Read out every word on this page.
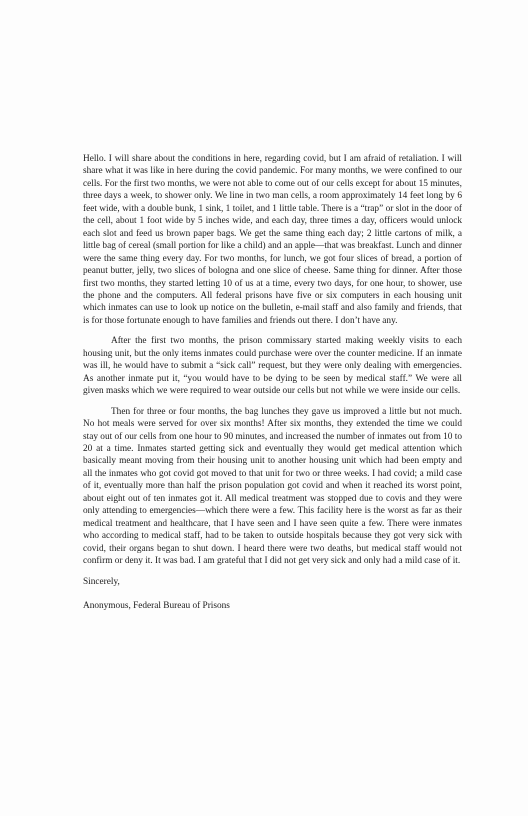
Hello. I will share about the conditions in here, regarding covid, but I am afraid of retaliation. I will share what it was like in here during the covid pandemic. For many months, we were confined to our cells. For the first two months, we were not able to come out of our cells except for about 15 minutes, three days a week, to shower only. We line in two man cells, a room approximately 14 feet long by 6 feet wide, with a double bunk, 1 sink, 1 toilet, and 1 little table. There is a “trap” or slot in the door of the cell, about 1 foot wide by 5 inches wide, and each day, three times a day, officers would unlock each slot and feed us brown paper bags. We get the same thing each day; 2 little cartons of milk, a little bag of cereal (small portion for like a child) and an apple—that was breakfast. Lunch and dinner were the same thing every day. For two months, for lunch, we got four slices of bread, a portion of peanut butter, jelly, two slices of bologna and one slice of cheese. Same thing for dinner. After those first two months, they started letting 10 of us at a time, every two days, for one hour, to shower, use the phone and the computers. All federal prisons have five or six computers in each housing unit which inmates can use to look up notice on the bulletin, e-mail staff and also family and friends, that is for those fortunate enough to have families and friends out there. I don’t have any.

After the first two months, the prison commissary started making weekly visits to each housing unit, but the only items inmates could purchase were over the counter medicine. If an inmate was ill, he would have to submit a “sick call” request, but they were only dealing with emergencies. As another inmate put it, “you would have to be dying to be seen by medical staff.” We were all given masks which we were required to wear outside our cells but not while we were inside our cells.

Then for three or four months, the bag lunches they gave us improved a little but not much. No hot meals were served for over six months! After six months, they extended the time we could stay out of our cells from one hour to 90 minutes, and increased the number of inmates out from 10 to 20 at a time. Inmates started getting sick and eventually they would get medical attention which basically meant moving from their housing unit to another housing unit which had been empty and all the inmates who got covid got moved to that unit for two or three weeks. I had covid; a mild case of it, eventually more than half the prison population got covid and when it reached its worst point, about eight out of ten inmates got it. All medical treatment was stopped due to covis and they were only attending to emergencies—which there were a few. This facility here is the worst as far as their medical treatment and healthcare, that I have seen and I have seen quite a few. There were inmates who according to medical staff, had to be taken to outside hospitals because they got very sick with covid, their organs began to shut down. I heard there were two deaths, but medical staff would not confirm or deny it. It was bad. I am grateful that I did not get very sick and only had a mild case of it.

Sincerely,

Anonymous, Federal Bureau of Prisons
